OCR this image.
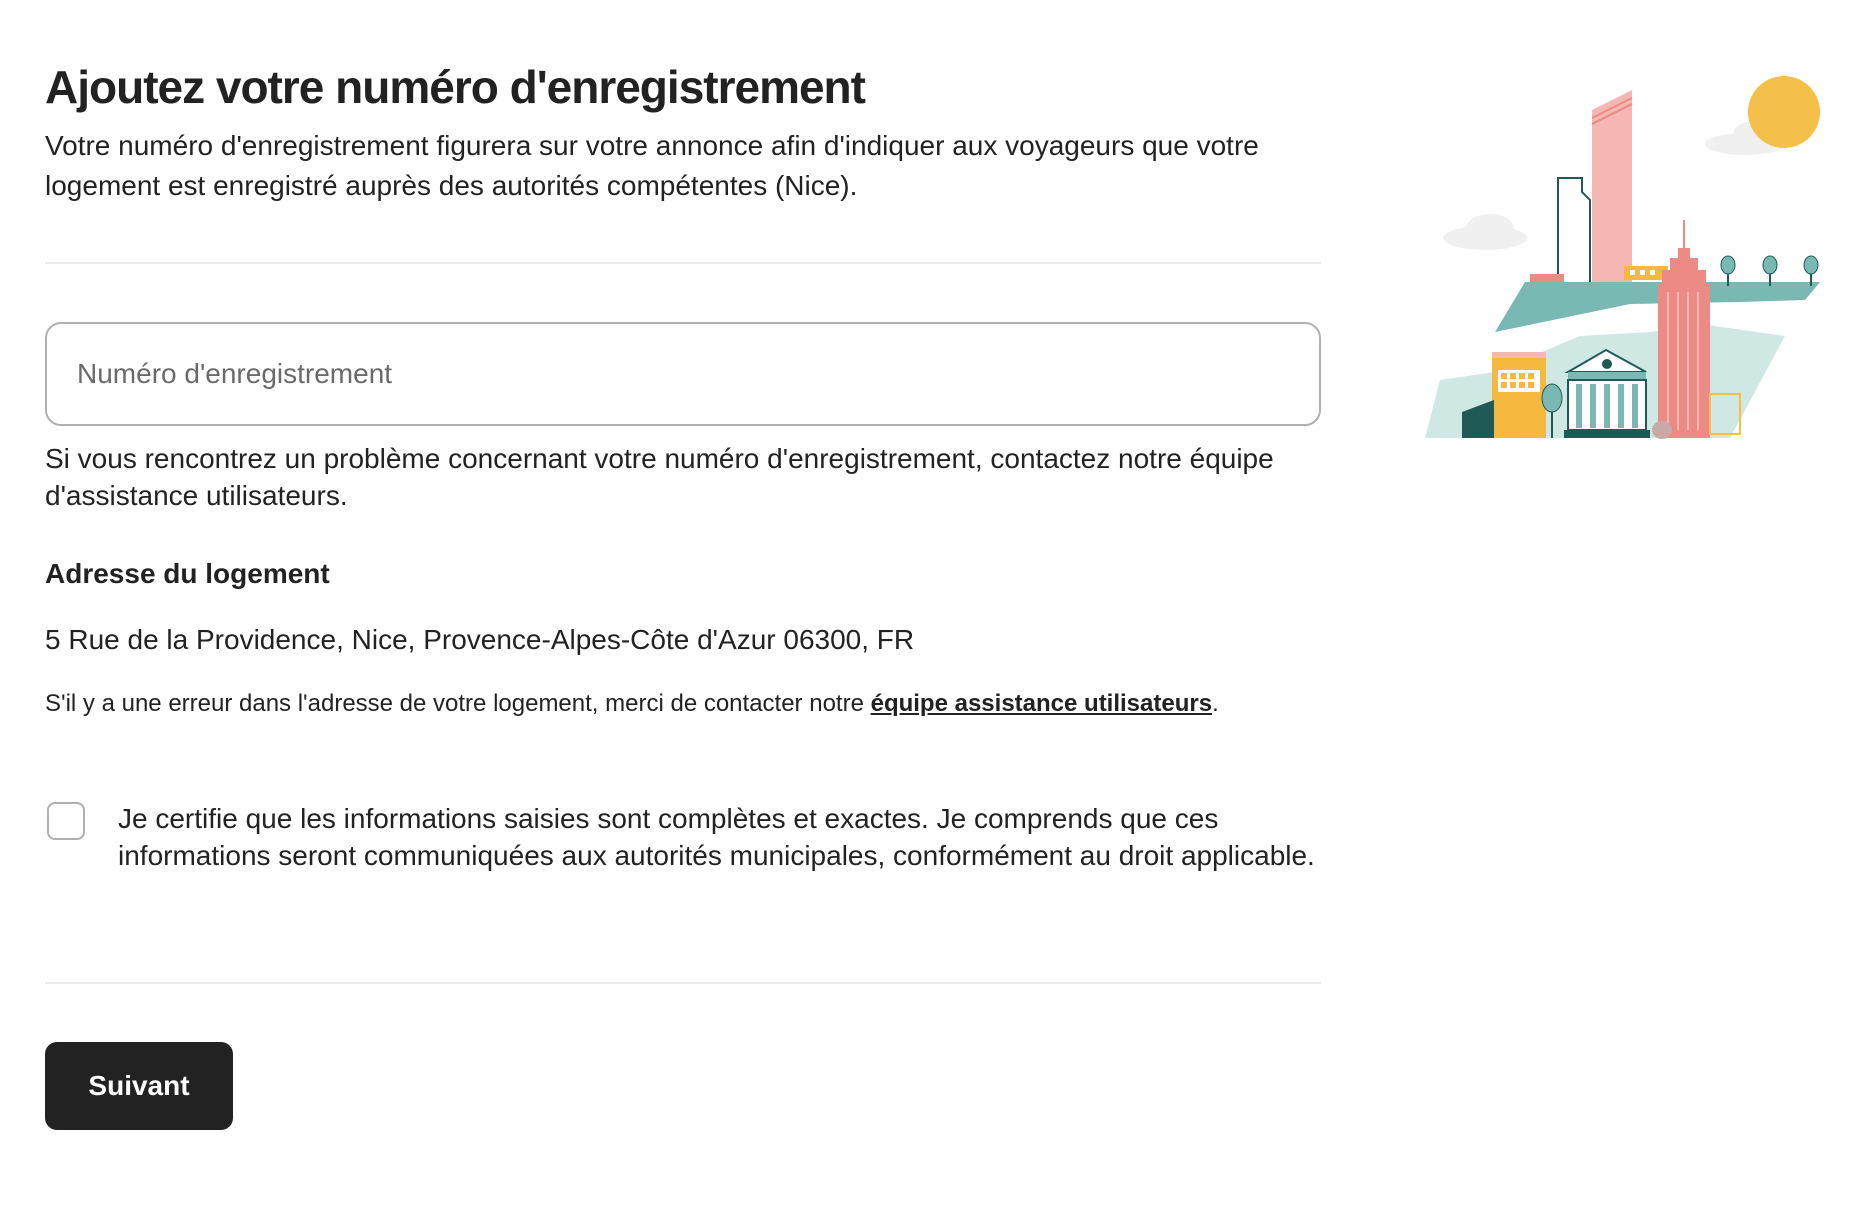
Ajoutez votre numéro d'enregistrement

Votre numéro d'enregistrement figurera sur votre annonce afin d'indiquer aux voyageurs que votre logement est enregistré auprès des autorités compétentes (Nice).

Numéro d'enregistrement

Si vous rencontrez un problème concernant votre numéro d'enregistrement, contactez notre équipe d'assistance utilisateurs.

Adresse du logement

5 Rue de la Providence, Nice, Provence-Alpes-Côte d'Azur 06300, FR

S'il y a une erreur dans l'adresse de votre logement, merci de contacter notre équipe assistance utilisateurs.

Je certifie que les informations saisies sont complètes et exactes. Je comprends que ces informations seront communiquées aux autorités municipales, conformément au droit applicable.
Suivant
